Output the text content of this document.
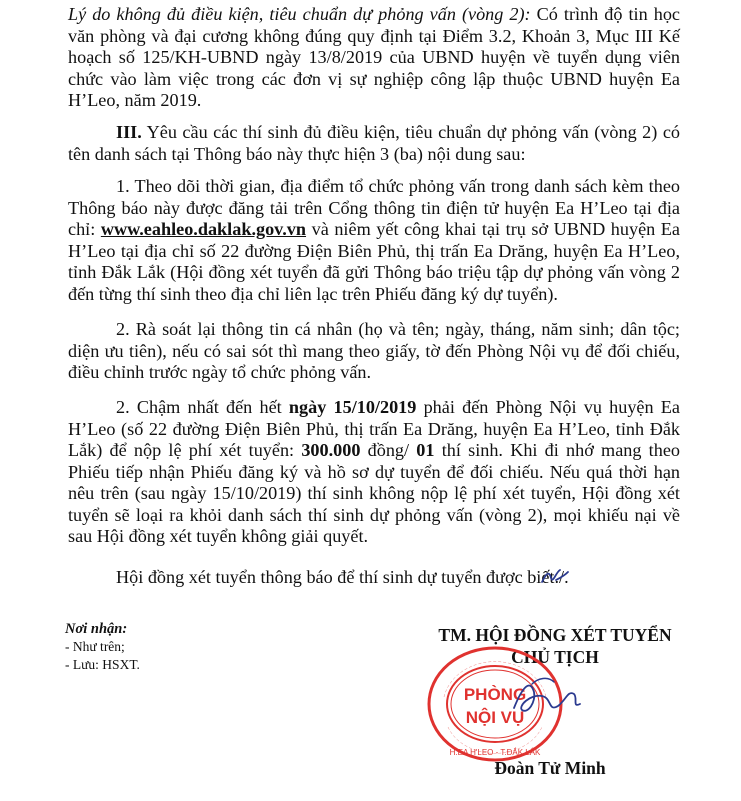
Lý do không đủ điều kiện, tiêu chuẩn dự phỏng vấn (vòng 2): Có trình độ tin học văn phòng và đại cương không đúng quy định tại Điểm 3.2, Khoản 3, Mục III Kế hoạch số 125/KH-UBND ngày 13/8/2019 của UBND huyện về tuyển dụng viên chức vào làm việc trong các đơn vị sự nghiệp công lập thuộc UBND huyện Ea H’Leo, năm 2019.

III. Yêu cầu các thí sinh đủ điều kiện, tiêu chuẩn dự phỏng vấn (vòng 2) có tên danh sách tại Thông báo này thực hiện 3 (ba) nội dung sau:

1. Theo dõi thời gian, địa điểm tổ chức phỏng vấn trong danh sách kèm theo Thông báo này được đăng tải trên Cổng thông tin điện tử huyện Ea H’Leo tại địa chỉ: www.eahleo.daklak.gov.vn và niêm yết công khai tại trụ sở UBND huyện Ea H’Leo tại địa chỉ số 22 đường Điện Biên Phủ, thị trấn Ea Drăng, huyện Ea H’Leo, tỉnh Đắk Lắk (Hội đồng xét tuyển đã gửi Thông báo triệu tập dự phỏng vấn vòng 2 đến từng thí sinh theo địa chỉ liên lạc trên Phiếu đăng ký dự tuyển).

2. Rà soát lại thông tin cá nhân (họ và tên; ngày, tháng, năm sinh; dân tộc; diện ưu tiên), nếu có sai sót thì mang theo giấy, tờ đến Phòng Nội vụ để đối chiếu, điều chỉnh trước ngày tổ chức phỏng vấn.

2. Chậm nhất đến hết ngày 15/10/2019 phải đến Phòng Nội vụ huyện Ea H’Leo (số 22 đường Điện Biên Phủ, thị trấn Ea Drăng, huyện Ea H’Leo, tỉnh Đắk Lắk) để nộp lệ phí xét tuyển: 300.000 đồng/ 01 thí sinh. Khi đi nhớ mang theo Phiếu tiếp nhận Phiếu đăng ký và hồ sơ dự tuyển để đối chiếu. Nếu quá thời hạn nêu trên (sau ngày 15/10/2019) thí sinh không nộp lệ phí xét tuyển, Hội đồng xét tuyển sẽ loại ra khỏi danh sách thí sinh dự phỏng vấn (vòng 2), mọi khiếu nại về sau Hội đồng xét tuyển không giải quyết.

Hội đồng xét tuyển thông báo để thí sinh dự tuyển được biết./.

Nơi nhận:
- Như trên;
- Lưu: HSXT.
TM. HỘI ĐỒNG XÉT TUYỂN
CHỦ TỊCH
PHÒNG
NỘI VỤ
H.EA H'LEO - T.ĐẮK LẮK
Đoàn Tử Minh
